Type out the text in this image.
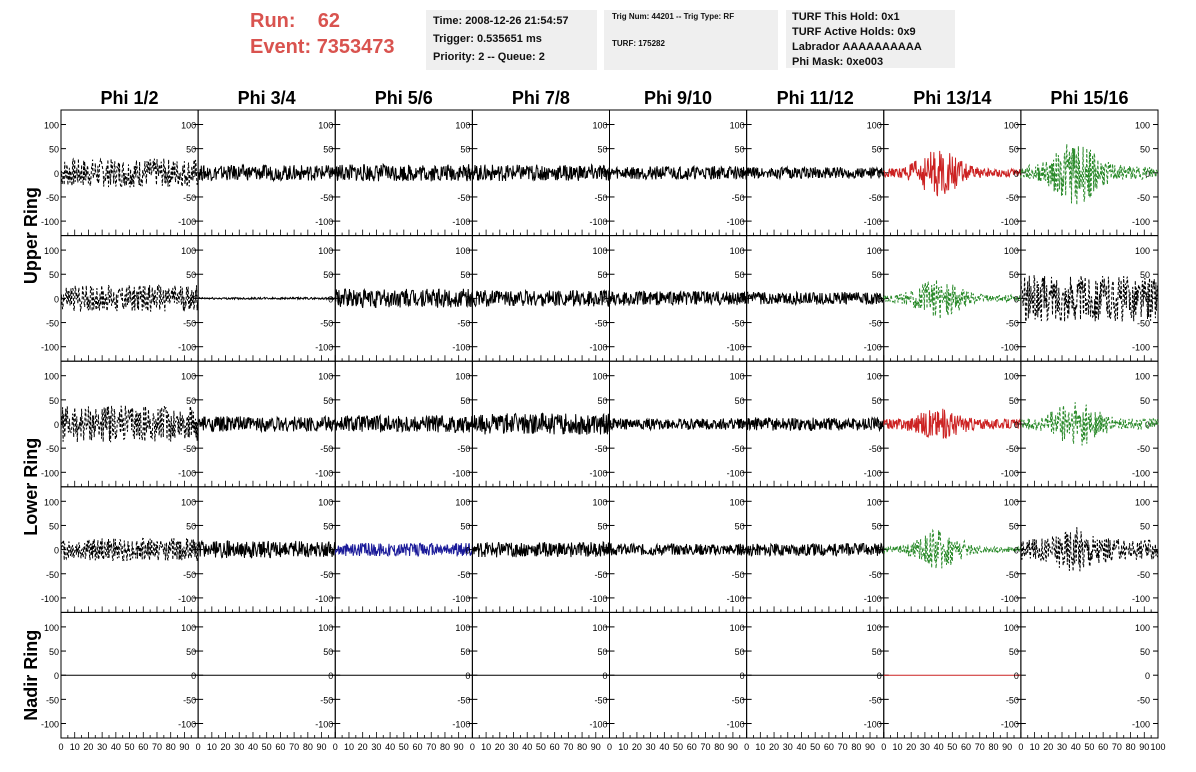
Run: 62
Event: 7353473
Time: 2008-12-26 21:54:57
Trigger: 0.535651 ms
Priority: 2 -- Queue: 2
Trig Num: 44201 -- Trig Type: RF
TURF: 175282
TURF This Hold: 0x1
TURF Active Holds: 0x9
Labrador AAAAAAAAAA
Phi Mask: 0xe003
Phi 1/2	Phi 3/4	Phi 5/6	Phi 7/8	Phi 9/10	Phi 11/12	Phi 13/14	Phi 15/16
Upper Ring
Lower Ring
Nadir Ring
-100
-50
0
50
100
-100
-50
0
50
100
-100
-50
0
50
100
-100
-50
0
50
100
-100
-50
0
50
100
-100
-50
0
50
100
-100
-50
0
50
100
-100	-100
-50	-50
0	0
50	50
100	100
-100
-50
0
50
100
-100
-50
0
50
100
-100
-50
0
50
100
-100
-50
0
50
100
-100
-50
0
50
100
-100
-50
0
50
100
-100
-50
0
50
100
-100	-100
-50	-50
0	0
50	50
100	100
-100
-50
0
50
100
-100
-50
0
50
100
-100
-50
0
50
100
-100
-50
0
50
100
-100
-50
0
50
100
-100
-50
0
50
100
-100
-50
0
50
100
-100	-100
-50	-50
0	0
50	50
100	100
-100
-50
0
50
100
-100
-50
0
50
100
-100
-50
0
50
100
-100
-50
0
50
100
-100
-50
0
50
100
-100
-50
0
50
100
-100
-50
0
50
100
-100	-100
-50	-50
0	0
50	50
100	100
-100
-50
0
50
100
-100
-50
0
50
100
-100
-50
0
50
100
-100
-50
0
50
100
-100
-50
0
50
100
-100
-50
0
50
100
-100
-50
0
50
100
-100	-100
-50	-50
0	0
50	50
100	100
0 10 20 30 40 50 60 70 80 90 0 10 20 30 40 50 60 70 80 90 0 10 20 30 40 50 60 70 80 90 0 10 20 30 40 50 60 70 80 90 0 10 20 30 40 50 60 70 80 90 0 10 20 30 40 50 60 70 80 90 0 10 20 30 40 50 60 70 80 90 0 10 20 30 40 50 60 70 80 90 100
